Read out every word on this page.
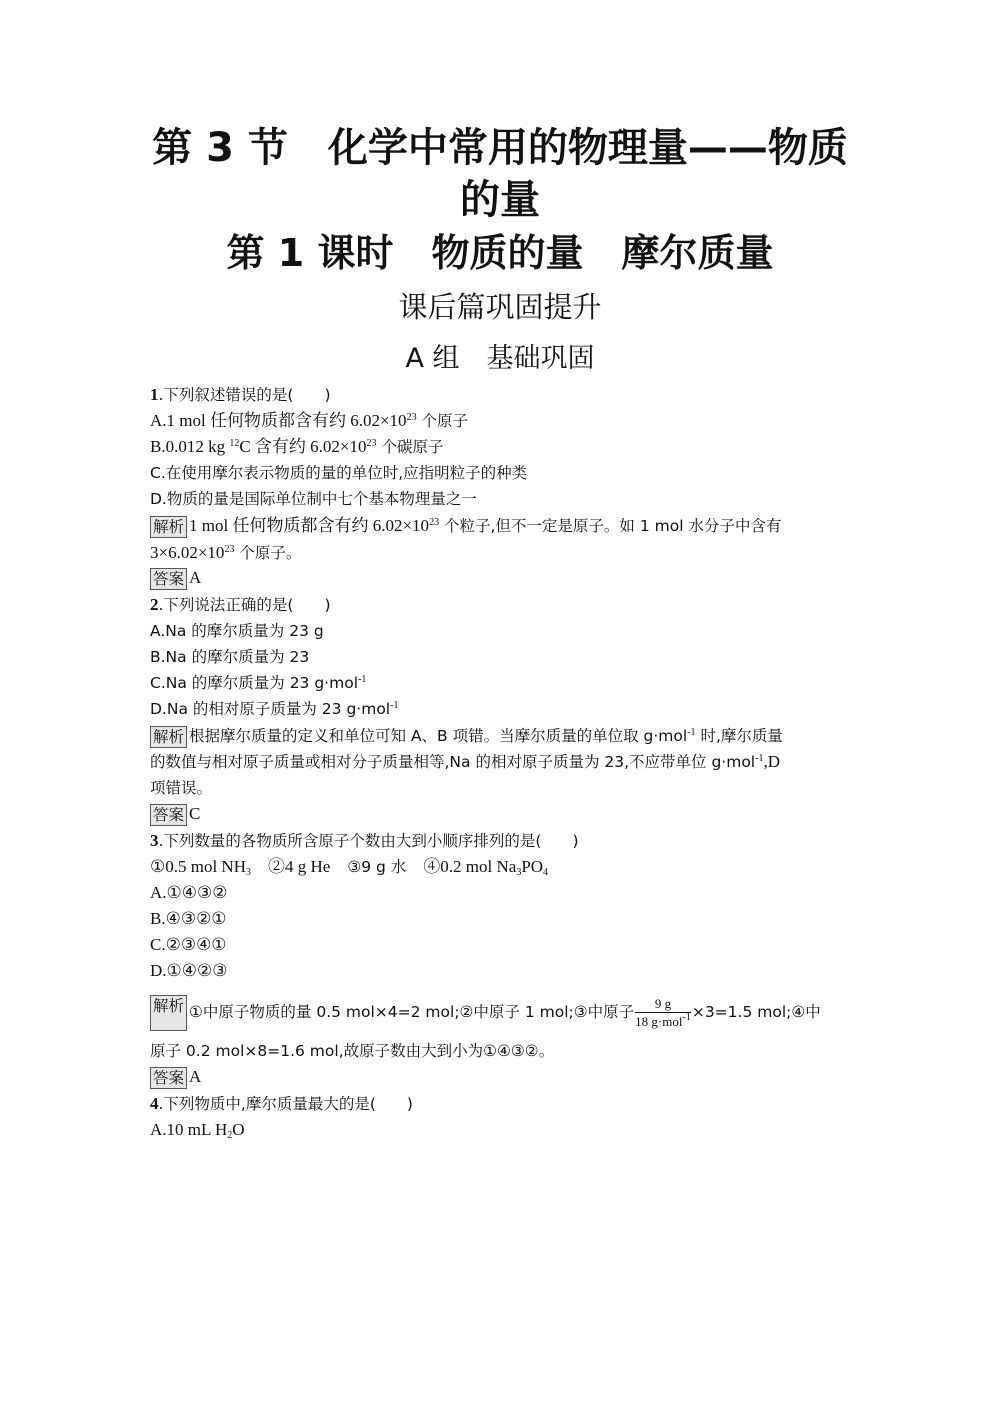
第 3 节　化学中常用的物理量——物质
的量
第 1 课时　物质的量　摩尔质量
课后篇巩固提升
A 组　基础巩固
1.下列叙述错误的是(　　)
A.1 mol 任何物质都含有约 $6.02\times 10^{23}$ 个原子
B.0.012 kg $^{12}$C 含有约 $6.02\times 10^{23}$ 个碳原子
C.在使用摩尔表示物质的量的单位时,应指明粒子的种类
D.物质的量是国际单位制中七个基本物理量之一
解析 1 mol 任何物质都含有约 $6.02\times 10^{23}$ 个粒子,但不一定是原子。如 1 mol 水分子中含有
$3\times 6.02\times 10^{23}$ 个原子。
答案 A
2.下列说法正确的是(　　)
A.Na 的摩尔质量为 23 g
B.Na 的摩尔质量为 23
C.Na 的摩尔质量为 23 g·mol$^{-1}$
D.Na 的相对原子质量为 23 g·mol$^{-1}$
解析 根据摩尔质量的定义和单位可知 A、B 项错。当摩尔质量的单位取 g·mol$^{-1}$ 时,摩尔质量
的数值与相对原子质量或相对分子质量相等,Na 的相对原子质量为 23,不应带单位 g·mol$^{-1}$,D
项错误。
答案 C
3.下列数量的各物质所含原子个数由大到小顺序排列的是(　　)
①0.5 mol $NH_3$　 ②4 g He　 ③9 g 水　 ④0.2 mol $Na_3PO_4$
A.①④③②
B.④③②①
C.②③④①
D.①④②③
解析 ①中原子物质的量 0.5 mol×4=2 mol;②中原子 1 mol;③中原子 $\frac{9 g}{18 g\cdot mol^{-1}} \times 3=1.5$ mol;④中
原子 0.2 mol×8=1.6 mol,故原子数由大到小为①④③②。
答案 A
4.下列物质中,摩尔质量最大的是(　　)
A.10 mL $H_2O$
